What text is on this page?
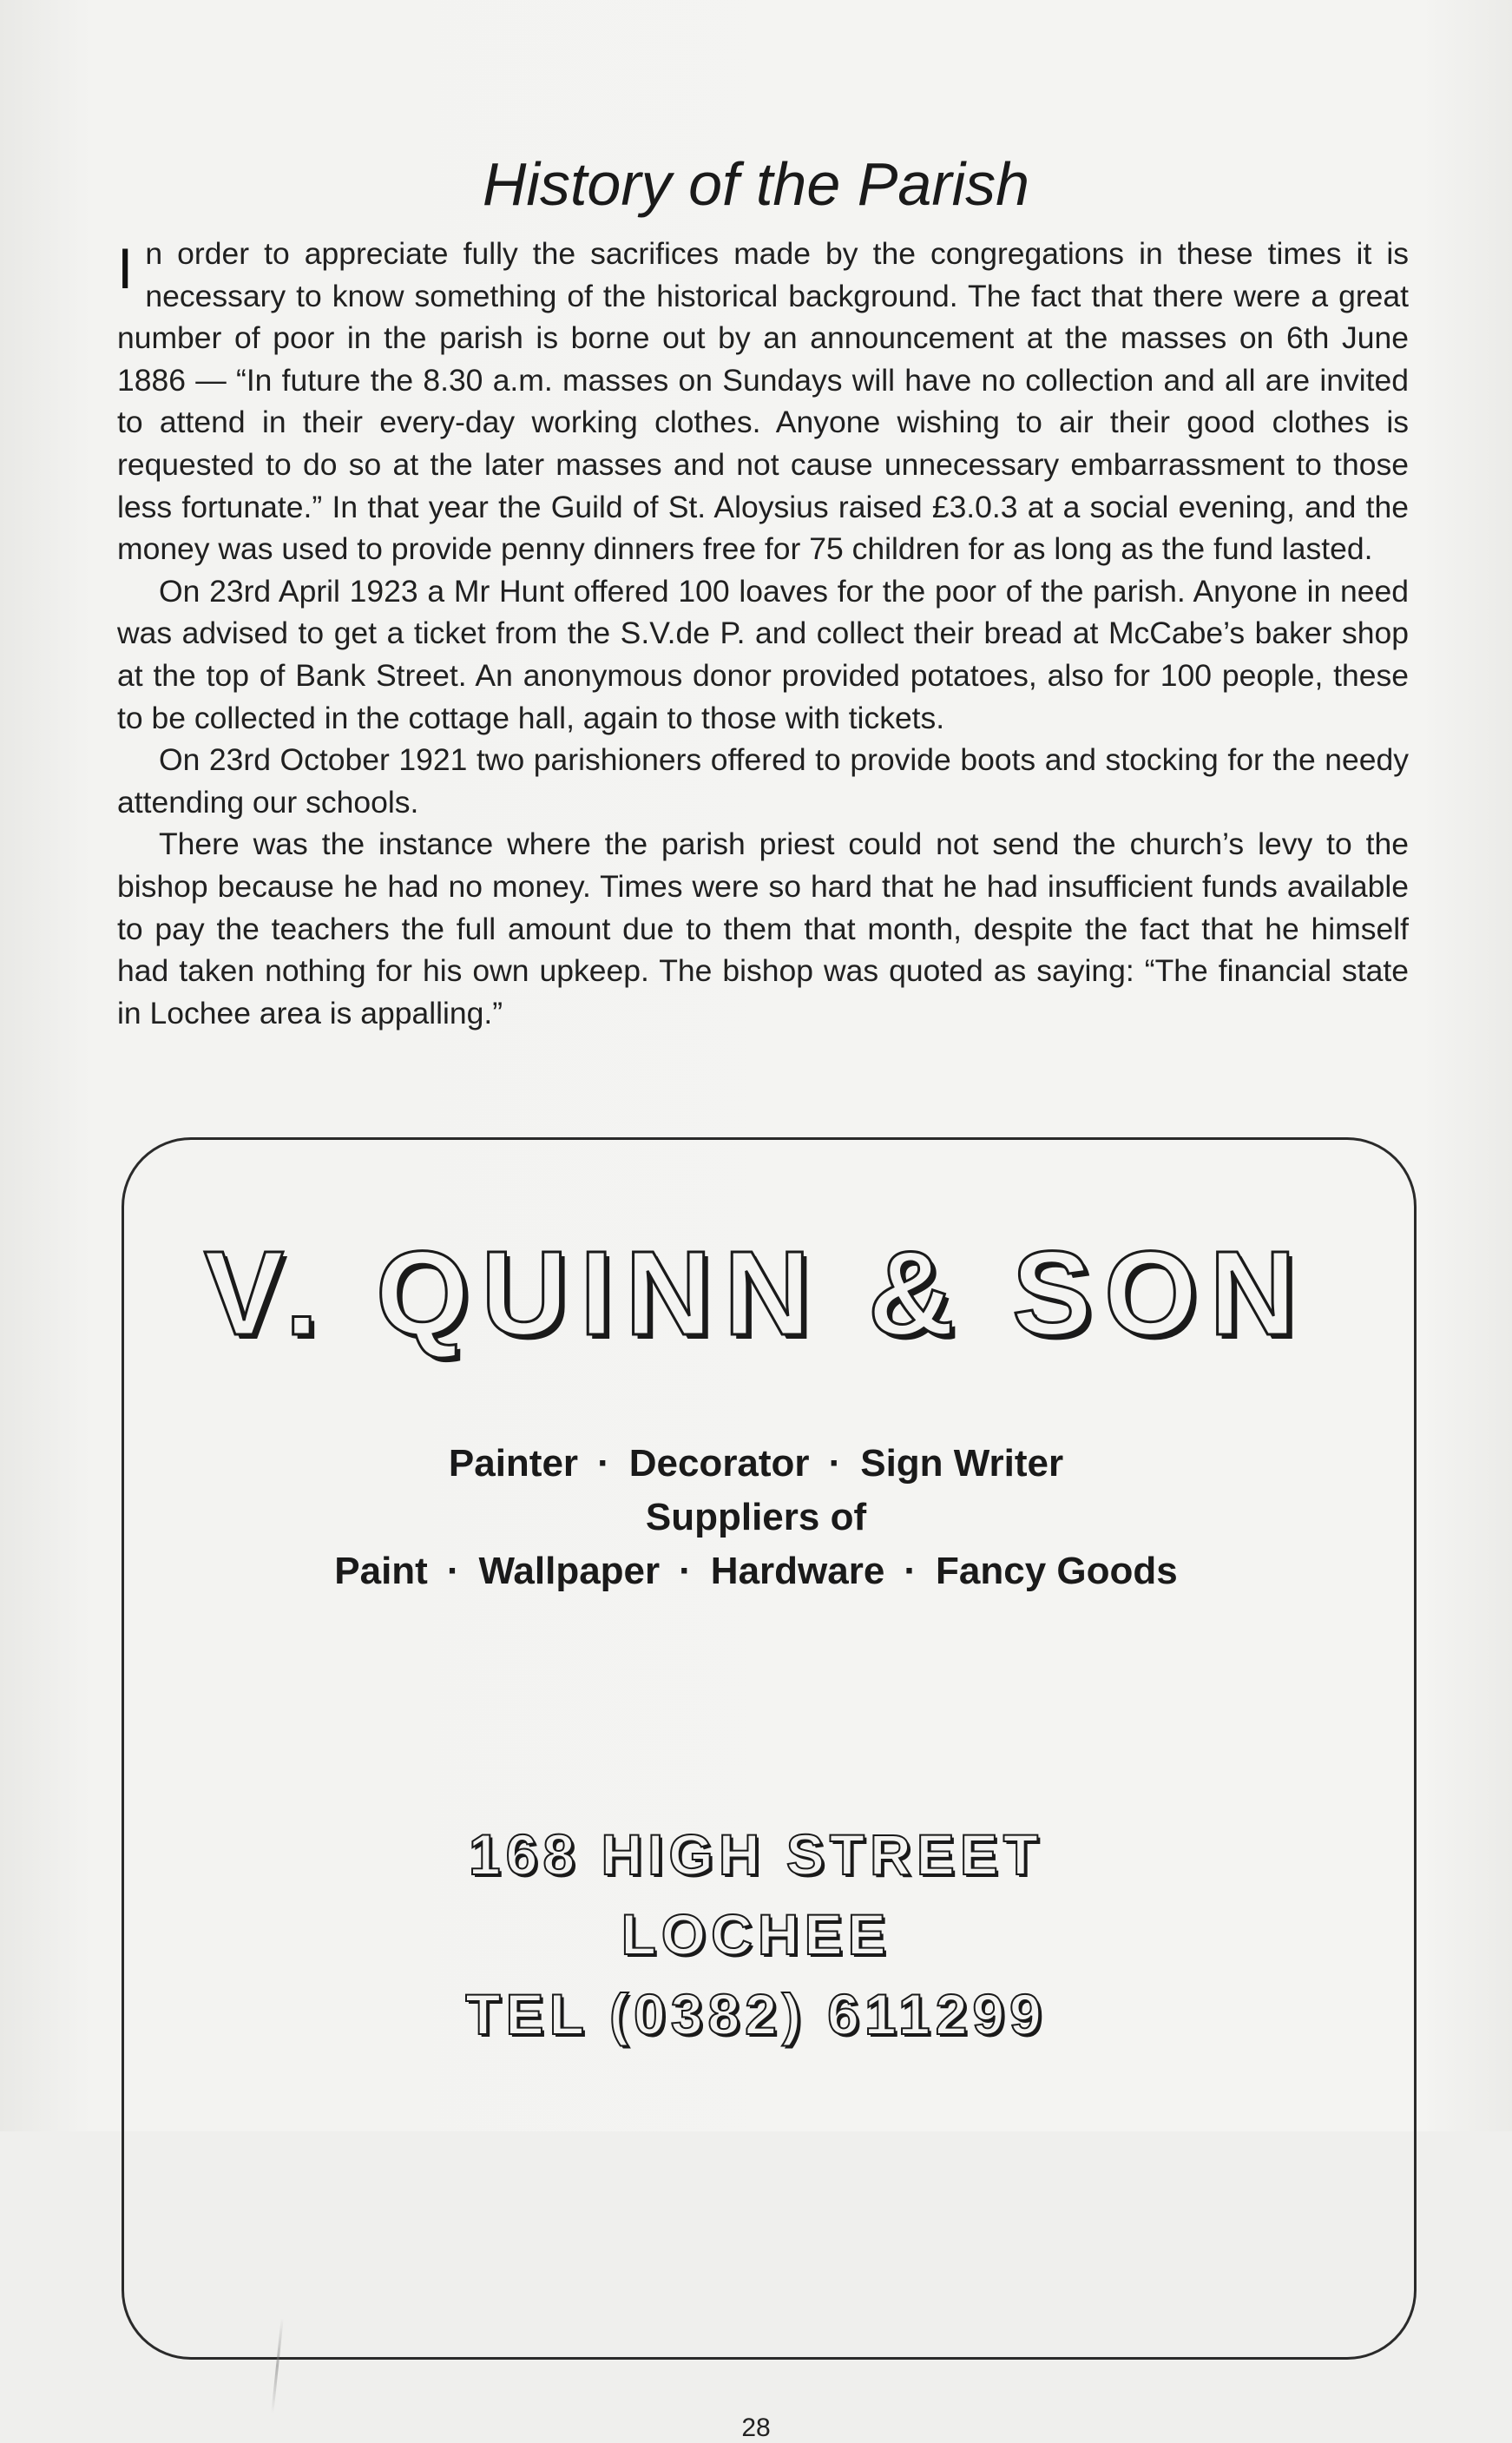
History of the Parish

In order to appreciate fully the sacrifices made by the congregations in these times it is necessary to know something of the historical background. The fact that there were a great number of poor in the parish is borne out by an announcement at the masses on 6th June 1886 — “In future the 8.30 a.m. masses on Sundays will have no collection and all are invited to attend in their every-day working clothes. Anyone wishing to air their good clothes is requested to do so at the later masses and not cause unnecessary embarrassment to those less fortunate.” In that year the Guild of St. Aloysius raised £3.0.3 at a social evening, and the money was used to provide penny dinners free for 75 children for as long as the fund lasted.

On 23rd April 1923 a Mr Hunt offered 100 loaves for the poor of the parish. Anyone in need was advised to get a ticket from the S.V.de P. and collect their bread at McCabe’s baker shop at the top of Bank Street. An anonymous donor provided potatoes, also for 100 people, these to be collected in the cottage hall, again to those with tickets.

On 23rd October 1921 two parishioners offered to provide boots and stocking for the needy attending our schools.

There was the instance where the parish priest could not send the church’s levy to the bishop because he had no money. Times were so hard that he had insufficient funds available to pay the teachers the full amount due to them that month, despite the fact that he himself had taken nothing for his own upkeep. The bishop was quoted as saying: “The financial state in Lochee area is appalling.”

V. QUINN & SON
Painter · Decorator · Sign Writer
Suppliers of
Paint · Wallpaper · Hardware · Fancy Goods
168 HIGH STREET
LOCHEE
TEL (0382) 611299
28
